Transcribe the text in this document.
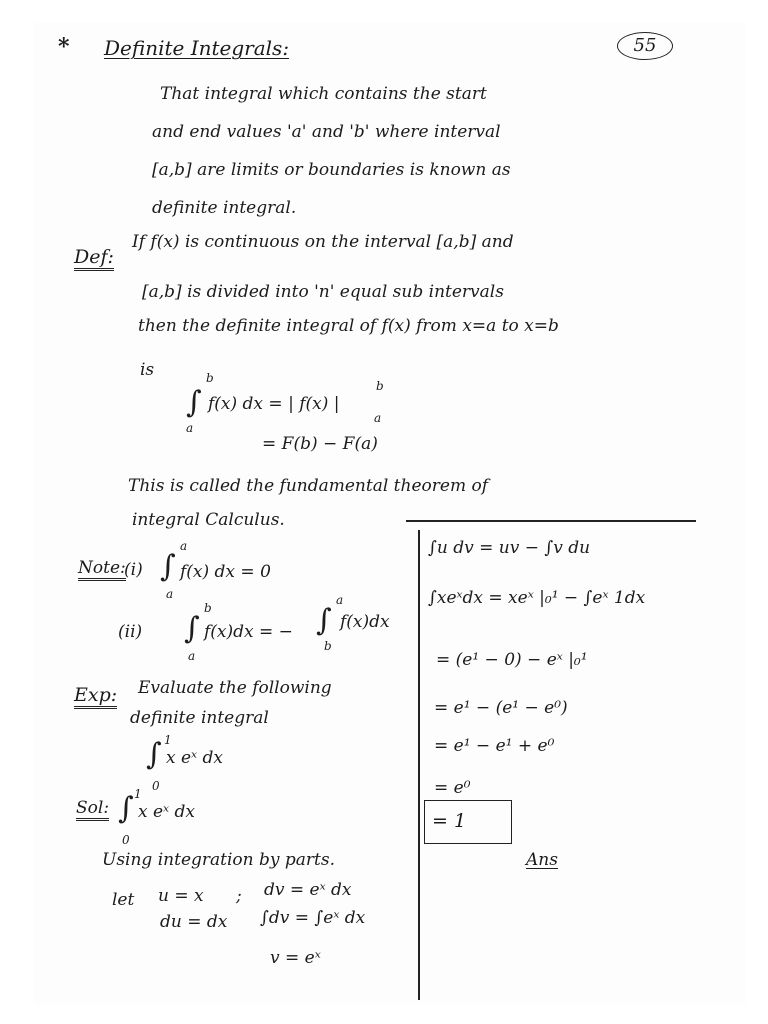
* Definite Integrals:	55
That integral which contains the start
and end values 'a' and 'b' where interval
[a,b] are limits or boundaries is known as
definite integral.
Def:
If f(x) is continuous on the interval [a,b] and
[a,b] is divided into 'n' equal sub intervals
then the definite integral of f(x) from x=a to x=b
is
∫
b
a
f(x) dx = | f(x) |
b
a
= F(b) − F(a)
This is called the fundamental theorem of
integral Calculus.
Note:
(i) ∫
a
a
f(x) dx = 0
(ii) ∫
b
a
f(x)dx = − ∫
a
b
f(x)dx
Exp: Evaluate the following
definite integral
∫ 1
0
x eˣ dx
Sol: ∫ 1
0
x eˣ dx
Using integration by parts.
let u = x ;
du = dx
dv = eˣ dx
∫dv = ∫eˣ dx
v = eˣ
∫u dv = uv − ∫v du
∫xeˣdx = xeˣ |₀¹ − ∫eˣ 1dx
= (e¹ − 0) − eˣ |₀¹
= e¹ − (e¹ − e⁰)
= e¹ − e¹ + e⁰
= e⁰
= 1
Ans
